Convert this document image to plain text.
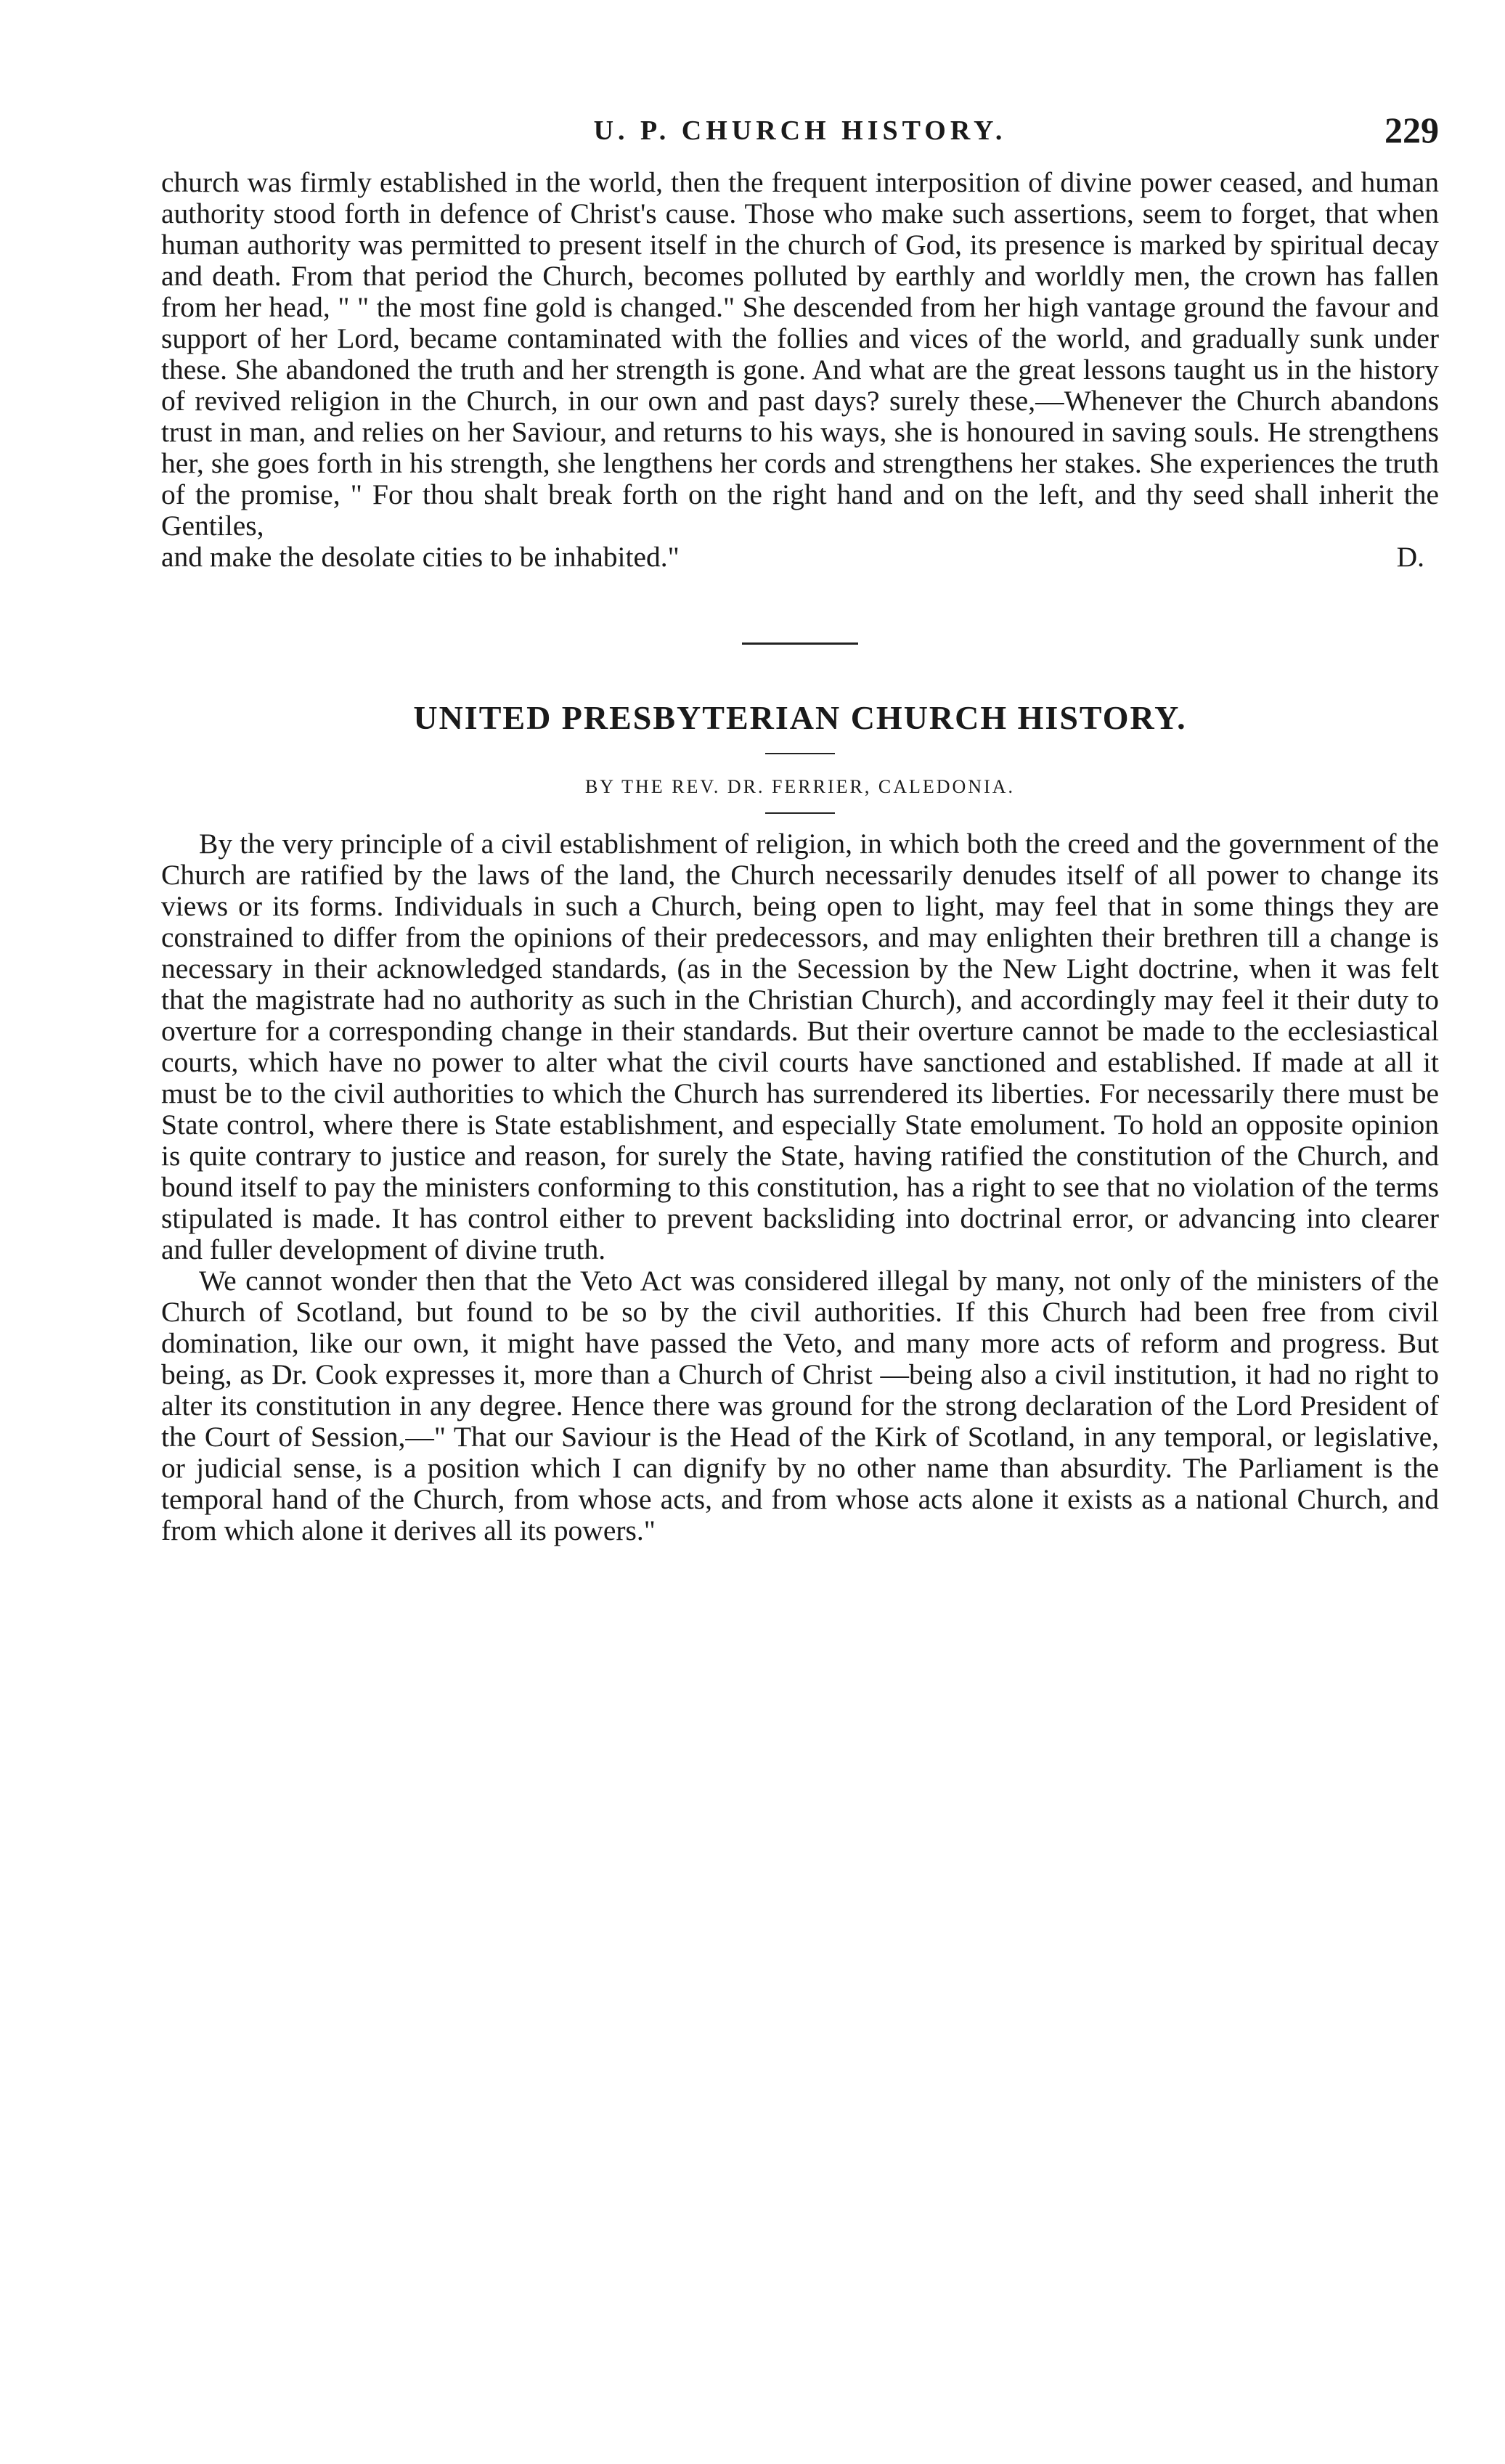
U. P. CHURCH HISTORY.	229

church was firmly established in the world, then the frequent interposition of divine power ceased, and human authority stood forth in defence of Christ's cause. Those who make such assertions, seem to forget, that when human authority was permitted to present itself in the church of God, its presence is marked by spiritual decay and death. From that period the Church, becomes polluted by earthly and worldly men, the crown has fallen from her head, " " the most fine gold is changed." She descended from her high vantage ground the favour and support of her Lord, became contaminated with the follies and vices of the world, and gradually sunk under these. She abandoned the truth and her strength is gone. And what are the great lessons taught us in the history of revived religion in the Church, in our own and past days? surely these,—Whenever the Church abandons trust in man, and relies on her Saviour, and returns to his ways, she is honoured in saving souls. He strengthens her, she goes forth in his strength, she lengthens her cords and strengthens her stakes. She experiences the truth of the promise, " For thou shalt break forth on the right hand and on the left, and thy seed shall inherit the Gentiles,

and make the desolate cities to be inhabited."	D.
UNITED PRESBYTERIAN CHURCH HISTORY.
BY THE REV. DR. FERRIER, CALEDONIA.

By the very principle of a civil establishment of religion, in which both the creed and the government of the Church are ratified by the laws of the land, the Church necessarily denudes itself of all power to change its views or its forms. Individuals in such a Church, being open to light, may feel that in some things they are constrained to differ from the opinions of their predecessors, and may enlighten their brethren till a change is necessary in their acknowledged standards, (as in the Secession by the New Light doctrine, when it was felt that the magistrate had no authority as such in the Christian Church), and accordingly may feel it their duty to overture for a corresponding change in their standards. But their overture cannot be made to the ecclesiastical courts, which have no power to alter what the civil courts have sanctioned and established. If made at all it must be to the civil authorities to which the Church has surrendered its liberties. For necessarily there must be State control, where there is State establishment, and especially State emolument. To hold an opposite opinion is quite contrary to justice and reason, for surely the State, having ratified the constitution of the Church, and bound itself to pay the ministers conforming to this constitution, has a right to see that no violation of the terms stipulated is made. It has control either to prevent backsliding into doctrinal error, or advancing into clearer and fuller development of divine truth.

We cannot wonder then that the Veto Act was considered illegal by many, not only of the ministers of the Church of Scotland, but found to be so by the civil authorities. If this Church had been free from civil domination, like our own, it might have passed the Veto, and many more acts of reform and progress. But being, as Dr. Cook expresses it, more than a Church of Christ —being also a civil institution, it had no right to alter its constitution in any degree. Hence there was ground for the strong declaration of the Lord President of the Court of Session,—" That our Saviour is the Head of the Kirk of Scotland, in any temporal, or legislative, or judicial sense, is a position which I can dignify by no other name than absurdity. The Parliament is the temporal hand of the Church, from whose acts, and from whose acts alone it exists as a national Church, and from which alone it derives all its powers."
